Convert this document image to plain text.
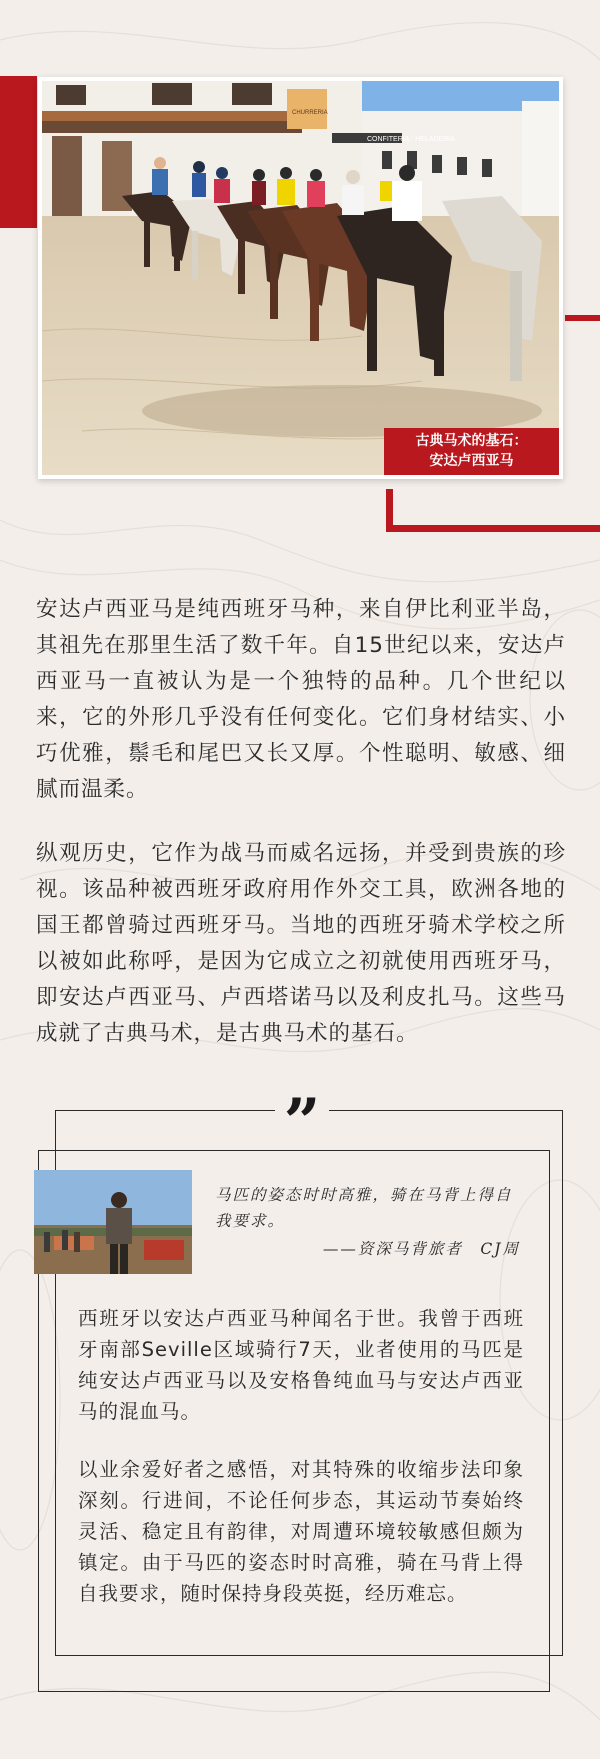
CONFITERIA · HELADERIA
CHURRERIA
古典马术的基石：
安达卢西亚马

安达卢西亚马是纯西班牙马种，来自伊比利亚半岛，其祖先在那里生活了数千年。自15世纪以来，安达卢西亚马一直被认为是一个独特的品种。几个世纪以来，它的外形几乎没有任何变化。它们身材结实、小巧优雅，鬃毛和尾巴又长又厚。个性聪明、敏感、细腻而温柔。

纵观历史，它作为战马而威名远扬，并受到贵族的珍视。该品种被西班牙政府用作外交工具，欧洲各地的国王都曾骑过西班牙马。当地的西班牙骑术学校之所以被如此称呼，是因为它成立之初就使用西班牙马，即安达卢西亚马、卢西塔诺马以及利皮扎马。这些马成就了古典马术，是古典马术的基石。

”
马匹的姿态时时高雅，骑在马背上得自我要求。
——资深马背旅者　CJ周

西班牙以安达卢西亚马种闻名于世。我曾于西班牙南部Seville区域骑行7天，业者使用的马匹是纯安达卢西亚马以及安格鲁纯血马与安达卢西亚马的混血马。

以业余爱好者之感悟，对其特殊的收缩步法印象深刻。行进间，不论任何步态，其运动节奏始终灵活、稳定且有韵律，对周遭环境较敏感但颇为镇定。由于马匹的姿态时时高雅，骑在马背上得自我要求，随时保持身段英挺，经历难忘。
